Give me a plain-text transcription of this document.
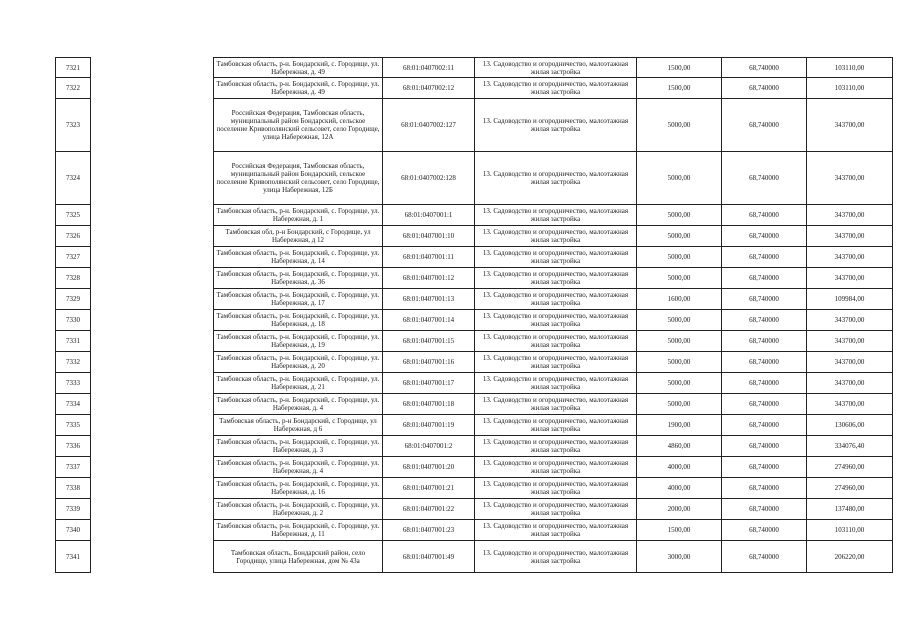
7321		Тамбовская область, р-н. Бондарский, с. Городище, ул. Набережная, д. 49	68:01:0407002:11	13. Садоводство и огородничество, малоэтажная жилая застройка	1500,00	68,740000	103110,00
7322		Тамбовская область, р-н. Бондарский, с. Городище, ул. Набережная, д. 49	68:01:0407002:12	13. Садоводство и огородничество, малоэтажная жилая застройка	1500,00	68,740000	103110,00
7323		Российская Федерация, Тамбовская область, муниципальный район Бондарский, сельское поселение Кривополянский сельсовет, село Городище, улица Набережная, 12А	68:01:0407002:127	13. Садоводство и огородничество, малоэтажная жилая застройка	5000,00	68,740000	343700,00
7324		Российская Федерация, Тамбовская область, муниципальный район Бондарский, сельское поселение Кривополянский сельсовет, село Городище, улица Набережная, 12Б	68:01:0407002:128	13. Садоводство и огородничество, малоэтажная жилая застройка	5000,00	68,740000	343700,00
7325		Тамбовская область, р-н. Бондарский, с. Городище, ул. Набережная, д. 1	68:01:0407001:1	13. Садоводство и огородничество, малоэтажная жилая застройка	5000,00	68,740000	343700,00
7326		Тамбовская обл, р-н Бондарский, с Городище, ул Набережная, д 12	68:01:0407001:10	13. Садоводство и огородничество, малоэтажная жилая застройка	5000,00	68,740000	343700,00
7327		Тамбовская область, р-н. Бондарский, с. Городище, ул. Набережная, д. 14	68:01:0407001:11	13. Садоводство и огородничество, малоэтажная жилая застройка	5000,00	68,740000	343700,00
7328		Тамбовская область, р-н. Бондарский, с. Городище, ул. Набережная, д. 36	68:01:0407001:12	13. Садоводство и огородничество, малоэтажная жилая застройка	5000,00	68,740000	343700,00
7329		Тамбовская область, р-н. Бондарский, с. Городище, ул. Набережная, д. 17	68:01:0407001:13	13. Садоводство и огородничество, малоэтажная жилая застройка	1600,00	68,740000	109984,00
7330		Тамбовская область, р-н. Бондарский, с. Городище, ул. Набережная, д. 18	68:01:0407001:14	13. Садоводство и огородничество, малоэтажная жилая застройка	5000,00	68,740000	343700,00
7331		Тамбовская область, р-н. Бондарский, с. Городище, ул. Набережная, д. 19	68:01:0407001:15	13. Садоводство и огородничество, малоэтажная жилая застройка	5000,00	68,740000	343700,00
7332		Тамбовская область, р-н. Бондарский, с. Городище, ул. Набережная, д. 20	68:01:0407001:16	13. Садоводство и огородничество, малоэтажная жилая застройка	5000,00	68,740000	343700,00
7333		Тамбовская область, р-н. Бондарский, с. Городище, ул. Набережная, д. 21	68:01:0407001:17	13. Садоводство и огородничество, малоэтажная жилая застройка	5000,00	68,740000	343700,00
7334		Тамбовская область, р-н. Бондарский, с. Городище, ул. Набережная, д. 4	68:01:0407001:18	13. Садоводство и огородничество, малоэтажная жилая застройка	5000,00	68,740000	343700,00
7335		Тамбовская область, р-н Бондарский, с Городище, ул Набережная, д 6	68:01:0407001:19	13. Садоводство и огородничество, малоэтажная жилая застройка	1900,00	68,740000	130606,00
7336		Тамбовская область, р-н. Бондарский, с. Городище, ул. Набережная, д. 3	68:01:0407001:2	13. Садоводство и огородничество, малоэтажная жилая застройка	4860,00	68,740000	334076,40
7337		Тамбовская область, р-н. Бондарский, с. Городище, ул. Набережная, д. 4	68:01:0407001:20	13. Садоводство и огородничество, малоэтажная жилая застройка	4000,00	68,740000	274960,00
7338		Тамбовская область, р-н. Бондарский, с. Городище, ул. Набережная, д. 16	68:01:0407001:21	13. Садоводство и огородничество, малоэтажная жилая застройка	4000,00	68,740000	274960,00
7339		Тамбовская область, р-н. Бондарский, с. Городище, ул. Набережная, д. 2	68:01:0407001:22	13. Садоводство и огородничество, малоэтажная жилая застройка	2000,00	68,740000	137480,00
7340		Тамбовская область, р-н. Бондарский, с. Городище, ул. Набережная, д. 11	68:01:0407001:23	13. Садоводство и огородничество, малоэтажная жилая застройка	1500,00	68,740000	103110,00
7341		Тамбовская область, Бондарский район, село Городище, улица Набережная, дом № 43а	68:01:0407001:49	13. Садоводство и огородничество, малоэтажная жилая застройка	3000,00	68,740000	206220,00
